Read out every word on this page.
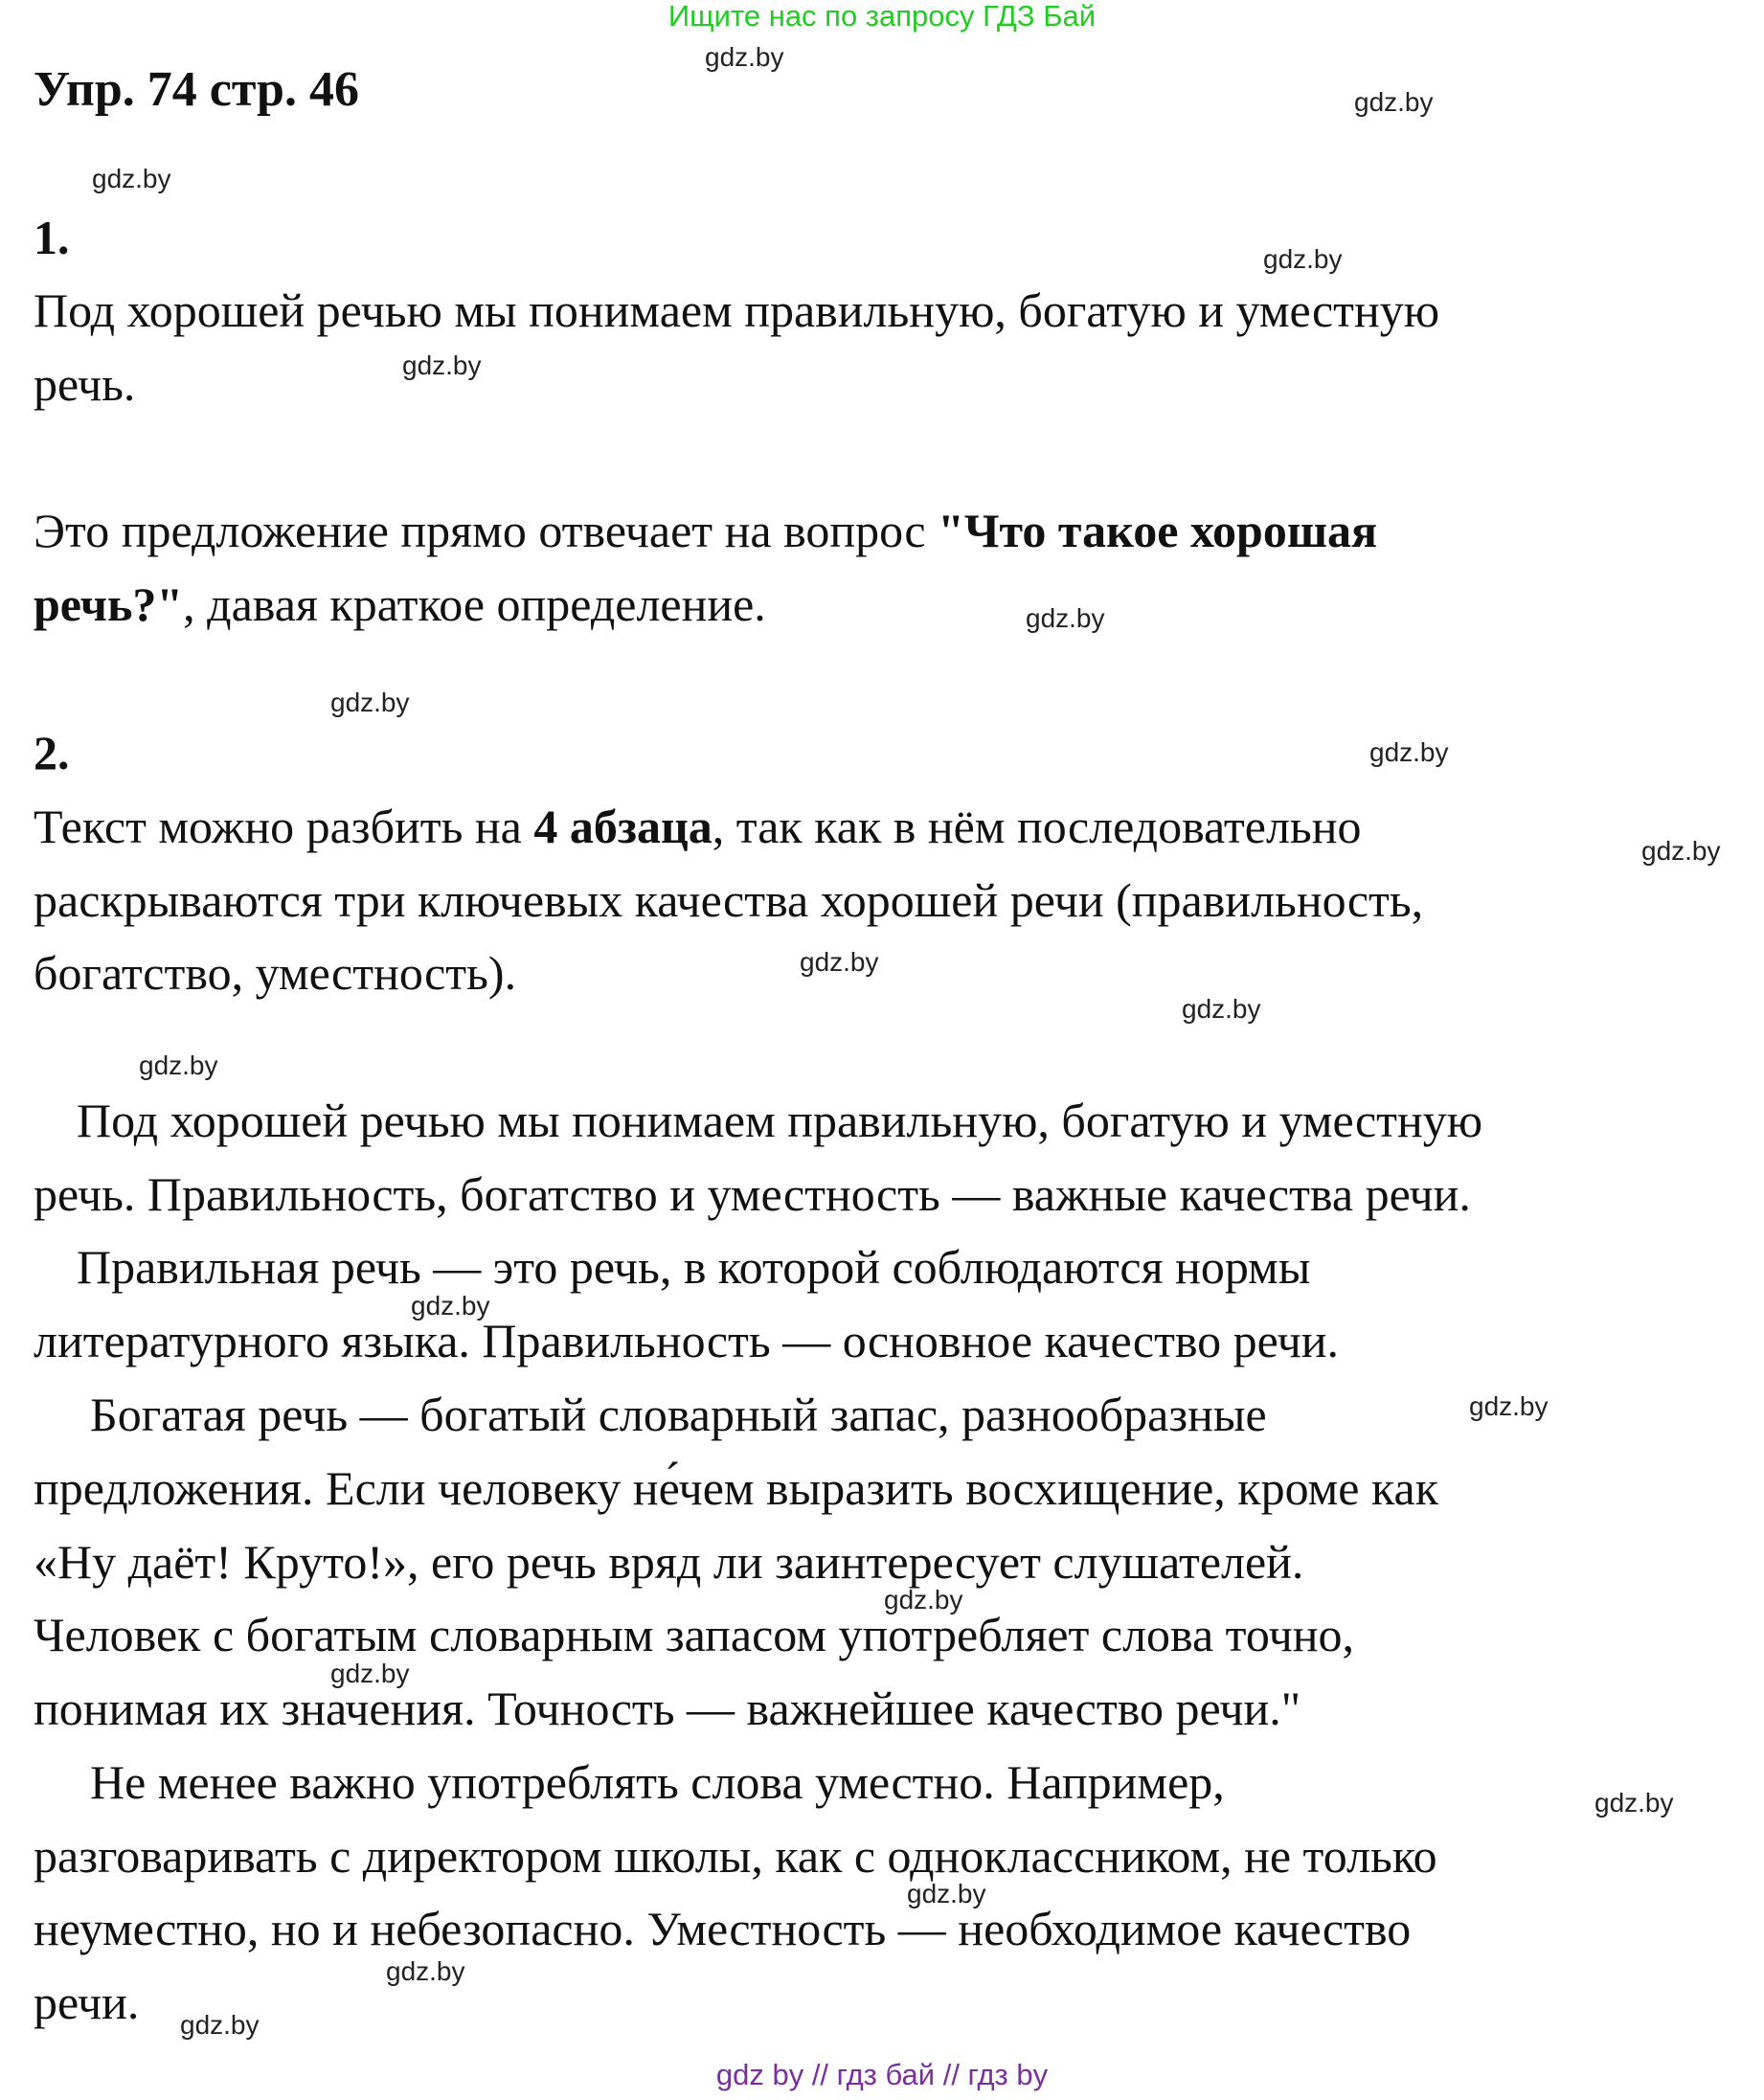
Ищите нас по запросу ГДЗ Бай
Упр. 74 стр. 46
1.
Под хорошей речью мы понимаем правильную, богатую и уместную
речь.
Это предложение прямо отвечает на вопрос "Что такое хорошая
речь?", давая краткое определение.
2.
Текст можно разбить на 4 абзаца, так как в нём последовательно
раскрываются три ключевых качества хорошей речи (правильность,
богатство, уместность).
Под хорошей речью мы понимаем правильную, богатую и уместную
речь. Правильность, богатство и уместность — важные качества речи.
Правильная речь — это речь, в которой соблюдаются нормы
литературного языка. Правильность — основное качество речи.
Богатая речь — богатый словарный запас, разнообразные
предложения. Если человеку не́чем выразить восхищение, кроме как
«Ну даёт! Круто!», его речь вряд ли заинтересует слушателей.
Человек с богатым словарным запасом употребляет слова точно,
понимая их значения. Точность — важнейшее качество речи."
Не менее важно употреблять слова уместно. Например,
разговаривать с директором школы, как с одноклассником, не только
неуместно, но и небезопасно. Уместность — необходимое качество
речи.
gdz.by
gdz.by
gdz.by
gdz.by
gdz.by
gdz.by
gdz.by
gdz.by
gdz.by
gdz.by
gdz.by
gdz.by
gdz.by
gdz.by
gdz.by
gdz.by
gdz.by
gdz.by
gdz.by
gdz.by
gdz by // гдз бай // гдз by
